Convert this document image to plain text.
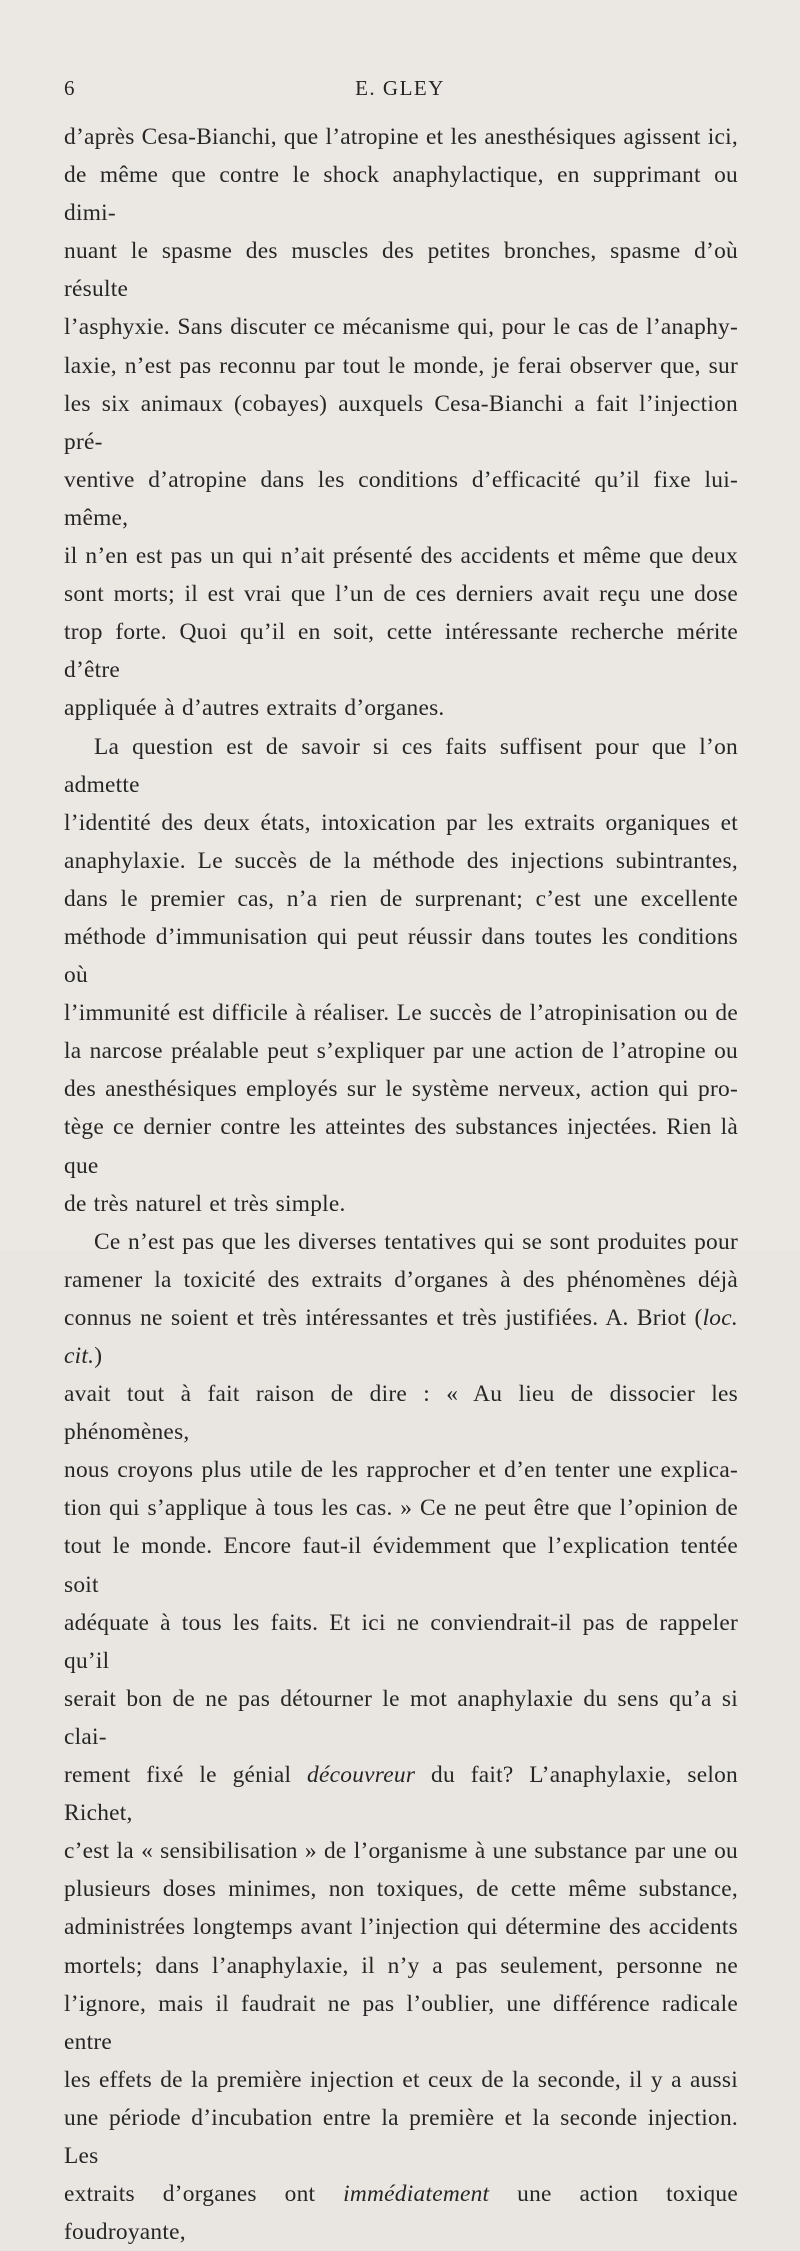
6	E. GLEY

d’après Cesa-Bianchi, que l’atropine et les anesthésiques agissent ici,

de même que contre le shock anaphylactique, en supprimant ou dimi-

nuant le spasme des muscles des petites bronches, spasme d’où résulte

l’asphyxie. Sans discuter ce mécanisme qui, pour le cas de l’anaphy-

laxie, n’est pas reconnu par tout le monde, je ferai observer que, sur

les six animaux (cobayes) auxquels Cesa-Bianchi a fait l’injection pré-

ventive d’atropine dans les conditions d’efficacité qu’il fixe lui-même,

il n’en est pas un qui n’ait présenté des accidents et même que deux

sont morts; il est vrai que l’un de ces derniers avait reçu une dose

trop forte. Quoi qu’il en soit, cette intéressante recherche mérite d’être

appliquée à d’autres extraits d’organes.

La question est de savoir si ces faits suffisent pour que l’on admette

l’identité des deux états, intoxication par les extraits organiques et

anaphylaxie. Le succès de la méthode des injections subintrantes,

dans le premier cas, n’a rien de surprenant; c’est une excellente

méthode d’immunisation qui peut réussir dans toutes les conditions où

l’immunité est difficile à réaliser. Le succès de l’atropinisation ou de

la narcose préalable peut s’expliquer par une action de l’atropine ou

des anesthésiques employés sur le système nerveux, action qui pro-

tège ce dernier contre les atteintes des substances injectées. Rien là que

de très naturel et très simple.

Ce n’est pas que les diverses tentatives qui se sont produites pour

ramener la toxicité des extraits d’organes à des phénomènes déjà

connus ne soient et très intéressantes et très justifiées. A. Briot (loc. cit.)

avait tout à fait raison de dire : « Au lieu de dissocier les phénomènes,

nous croyons plus utile de les rapprocher et d’en tenter une explica-

tion qui s’applique à tous les cas. » Ce ne peut être que l’opinion de

tout le monde. Encore faut-il évidemment que l’explication tentée soit

adéquate à tous les faits. Et ici ne conviendrait-il pas de rappeler qu’il

serait bon de ne pas détourner le mot anaphylaxie du sens qu’a si clai-

rement fixé le génial découvreur du fait? L’anaphylaxie, selon Richet,

c’est la « sensibilisation » de l’organisme à une substance par une ou

plusieurs doses minimes, non toxiques, de cette même substance,

administrées longtemps avant l’injection qui détermine des accidents

mortels; dans l’anaphylaxie, il n’y a pas seulement, personne ne

l’ignore, mais il faudrait ne pas l’oublier, une différence radicale entre

les effets de la première injection et ceux de la seconde, il y a aussi

une période d’incubation entre la première et la seconde injection. Les

extraits d’organes ont immédiatement une action toxique foudroyante,
